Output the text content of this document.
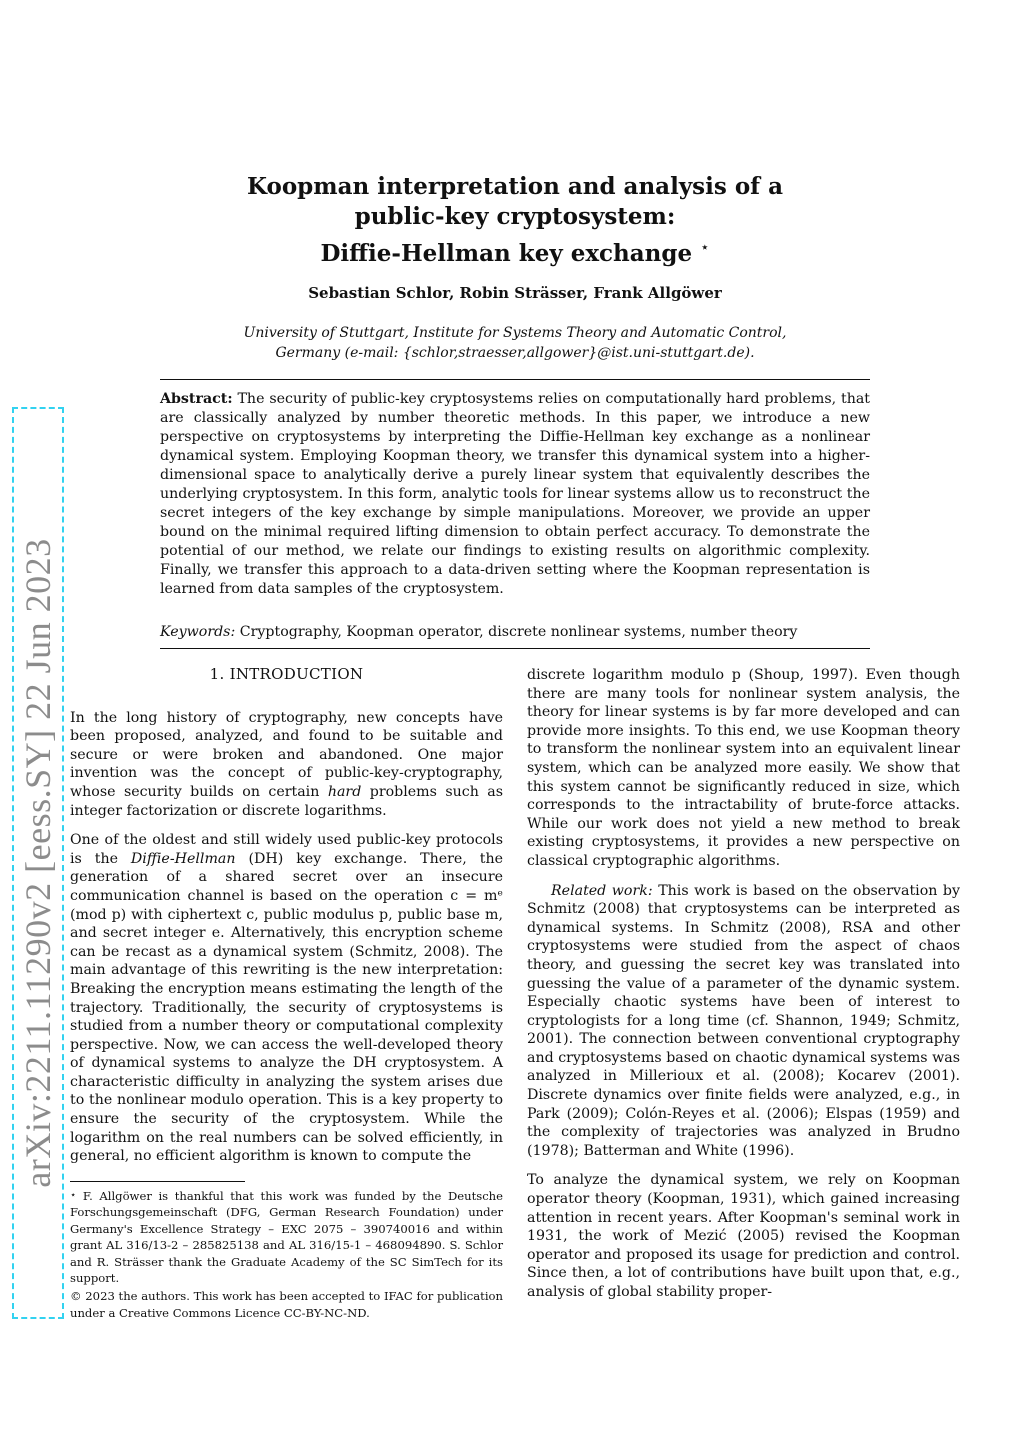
arXiv:2211.11290v2 [eess.SY] 22 Jun 2023
Koopman interpretation and analysis of a
public-key cryptosystem:
Diffie-Hellman key exchange ⋆
Sebastian Schlor, Robin Strässer, Frank Allgöwer
University of Stuttgart, Institute for Systems Theory and Automatic Control,
Germany (e-mail: {schlor,straesser,allgower}@ist.uni-stuttgart.de).
Abstract: The security of public-key cryptosystems relies on computationally hard problems, that are classically analyzed by number theoretic methods. In this paper, we introduce a new perspective on cryptosystems by interpreting the Diffie-Hellman key exchange as a nonlinear dynamical system. Employing Koopman theory, we transfer this dynamical system into a higher-dimensional space to analytically derive a purely linear system that equivalently describes the underlying cryptosystem. In this form, analytic tools for linear systems allow us to reconstruct the secret integers of the key exchange by simple manipulations. Moreover, we provide an upper bound on the minimal required lifting dimension to obtain perfect accuracy. To demonstrate the potential of our method, we relate our findings to existing results on algorithmic complexity. Finally, we transfer this approach to a data-driven setting where the Koopman representation is learned from data samples of the cryptosystem.
Keywords: Cryptography, Koopman operator, discrete nonlinear systems, number theory

1. INTRODUCTION

In the long history of cryptography, new concepts have been proposed, analyzed, and found to be suitable and secure or were broken and abandoned. One major invention was the concept of public-key-cryptography, whose security builds on certain hard problems such as integer factorization or discrete logarithms.

One of the oldest and still widely used public-key protocols is the Diffie-Hellman (DH) key exchange. There, the generation of a shared secret over an insecure communication channel is based on the operation c = mᵉ (mod p) with ciphertext c, public modulus p, public base m, and secret integer e. Alternatively, this encryption scheme can be recast as a dynamical system (Schmitz, 2008). The main advantage of this rewriting is the new interpretation: Breaking the encryption means estimating the length of the trajectory. Traditionally, the security of cryptosystems is studied from a number theory or computational complexity perspective. Now, we can access the well-developed theory of dynamical systems to analyze the DH cryptosystem. A characteristic difficulty in analyzing the system arises due to the nonlinear modulo operation. This is a key property to ensure the security of the cryptosystem. While the logarithm on the real numbers can be solved efficiently, in general, no efficient algorithm is known to compute the

⋆ F. Allgöwer is thankful that this work was funded by the Deutsche Forschungsgemeinschaft (DFG, German Research Foundation) under Germany's Excellence Strategy – EXC 2075 – 390740016 and within grant AL 316/13-2 – 285825138 and AL 316/15-1 – 468094890. S. Schlor and R. Strässer thank the Graduate Academy of the SC SimTech for its support.

© 2023 the authors. This work has been accepted to IFAC for publication under a Creative Commons Licence CC-BY-NC-ND.

discrete logarithm modulo p (Shoup, 1997). Even though there are many tools for nonlinear system analysis, the theory for linear systems is by far more developed and can provide more insights. To this end, we use Koopman theory to transform the nonlinear system into an equivalent linear system, which can be analyzed more easily. We show that this system cannot be significantly reduced in size, which corresponds to the intractability of brute-force attacks. While our work does not yield a new method to break existing cryptosystems, it provides a new perspective on classical cryptographic algorithms.

Related work: This work is based on the observation by Schmitz (2008) that cryptosystems can be interpreted as dynamical systems. In Schmitz (2008), RSA and other cryptosystems were studied from the aspect of chaos theory, and guessing the secret key was translated into guessing the value of a parameter of the dynamic system. Especially chaotic systems have been of interest to cryptologists for a long time (cf. Shannon, 1949; Schmitz, 2001). The connection between conventional cryptography and cryptosystems based on chaotic dynamical systems was analyzed in Millerioux et al. (2008); Kocarev (2001). Discrete dynamics over finite fields were analyzed, e.g., in Park (2009); Colón-Reyes et al. (2006); Elspas (1959) and the complexity of trajectories was analyzed in Brudno (1978); Batterman and White (1996).

To analyze the dynamical system, we rely on Koopman operator theory (Koopman, 1931), which gained increasing attention in recent years. After Koopman's seminal work in 1931, the work of Mezić (2005) revised the Koopman operator and proposed its usage for prediction and control. Since then, a lot of contributions have built upon that, e.g., analysis of global stability proper-
